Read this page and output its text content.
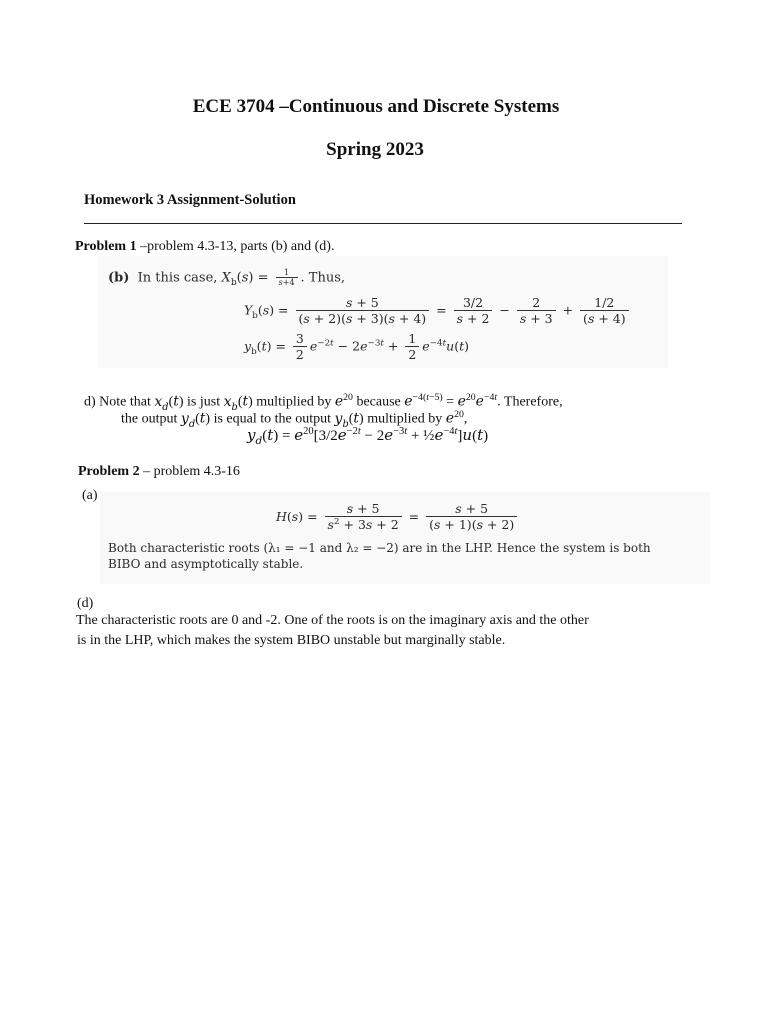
ECE 3704 –Continuous and Discrete Systems
Spring 2023
Homework 3 Assignment-Solution
Problem 1 –problem 4.3-13, parts (b) and (d).
(b) In this case, $X_b(s) = \frac{1}{s+4}$ . Thus,
$Y_b(s) = \frac{s + 5}{(s + 2)(s + 3)(s + 4)} = \frac{3/2}{s + 2} - \frac{2}{s + 3} + \frac{1/2}{(s + 4)}$
$y_b(t) = \frac{3}{2} e^{-2t} - 2e^{-3t} + \frac{1}{2} e^{-4t}u(t)$
d) Note that $x_d(t)$ is just $x_b(t)$ multiplied by $e^{20}$ because $e^{-4(t-5)} = e^{20}e^{-4t}$. Therefore,
the output $y_d(t)$ is equal to the output $y_b(t)$ multiplied by $e^{20}$,
$y_d(t) = e^{20}[3/2e^{-2t} - 2e^{-3t}$ + $\frac{1}{2}e^{-4t}]u(t)$
Problem 2 – problem 4.3-16
(a)
$H(s) = \frac{s + 5}{s^2 + 3s + 2} = \frac{s + 5}{(s + 1)(s + 2)}$
Both characteristic roots (λ₁ = −1 and λ₂ = −2) are in the LHP. Hence the system is both
BIBO and asymptotically stable.
(d)
The characteristic roots are 0 and -2. One of the roots is on the imaginary axis and the other
is in the LHP, which makes the system BIBO unstable but marginally stable.
